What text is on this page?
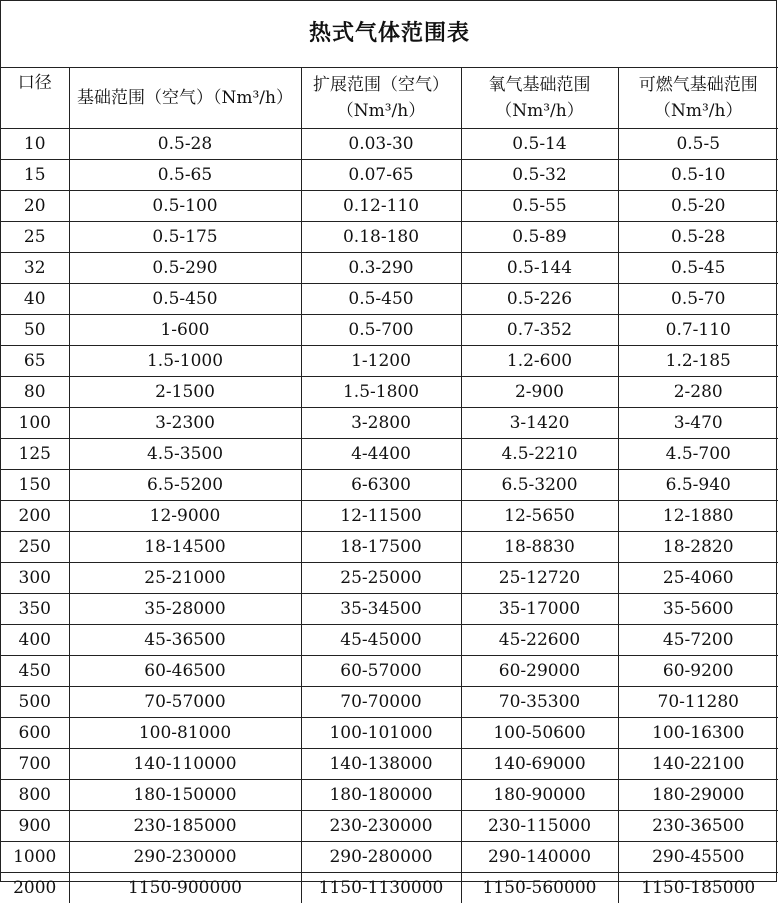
热式气体范围表				
口径	基础范围（空气）（Nm³/h）	扩展范围（空气）（Nm³/h）	氧气基础范围（Nm³/h）	可燃气基础范围（Nm³/h）
10	0.5-28	0.03-30	0.5-14	0.5-5
15	0.5-65	0.07-65	0.5-32	0.5-10
20	0.5-100	0.12-110	0.5-55	0.5-20
25	0.5-175	0.18-180	0.5-89	0.5-28
32	0.5-290	0.3-290	0.5-144	0.5-45
40	0.5-450	0.5-450	0.5-226	0.5-70
50	1-600	0.5-700	0.7-352	0.7-110
65	1.5-1000	1-1200	1.2-600	1.2-185
80	2-1500	1.5-1800	2-900	2-280
100	3-2300	3-2800	3-1420	3-470
125	4.5-3500	4-4400	4.5-2210	4.5-700
150	6.5-5200	6-6300	6.5-3200	6.5-940
200	12-9000	12-11500	12-5650	12-1880
250	18-14500	18-17500	18-8830	18-2820
300	25-21000	25-25000	25-12720	25-4060
350	35-28000	35-34500	35-17000	35-5600
400	45-36500	45-45000	45-22600	45-7200
450	60-46500	60-57000	60-29000	60-9200
500	70-57000	70-70000	70-35300	70-11280
600	100-81000	100-101000	100-50600	100-16300
700	140-110000	140-138000	140-69000	140-22100
800	180-150000	180-180000	180-90000	180-29000
900	230-185000	230-230000	230-115000	230-36500
1000	290-230000	290-280000	290-140000	290-45500
2000	1150-900000	1150-1130000	1150-560000	1150-185000
